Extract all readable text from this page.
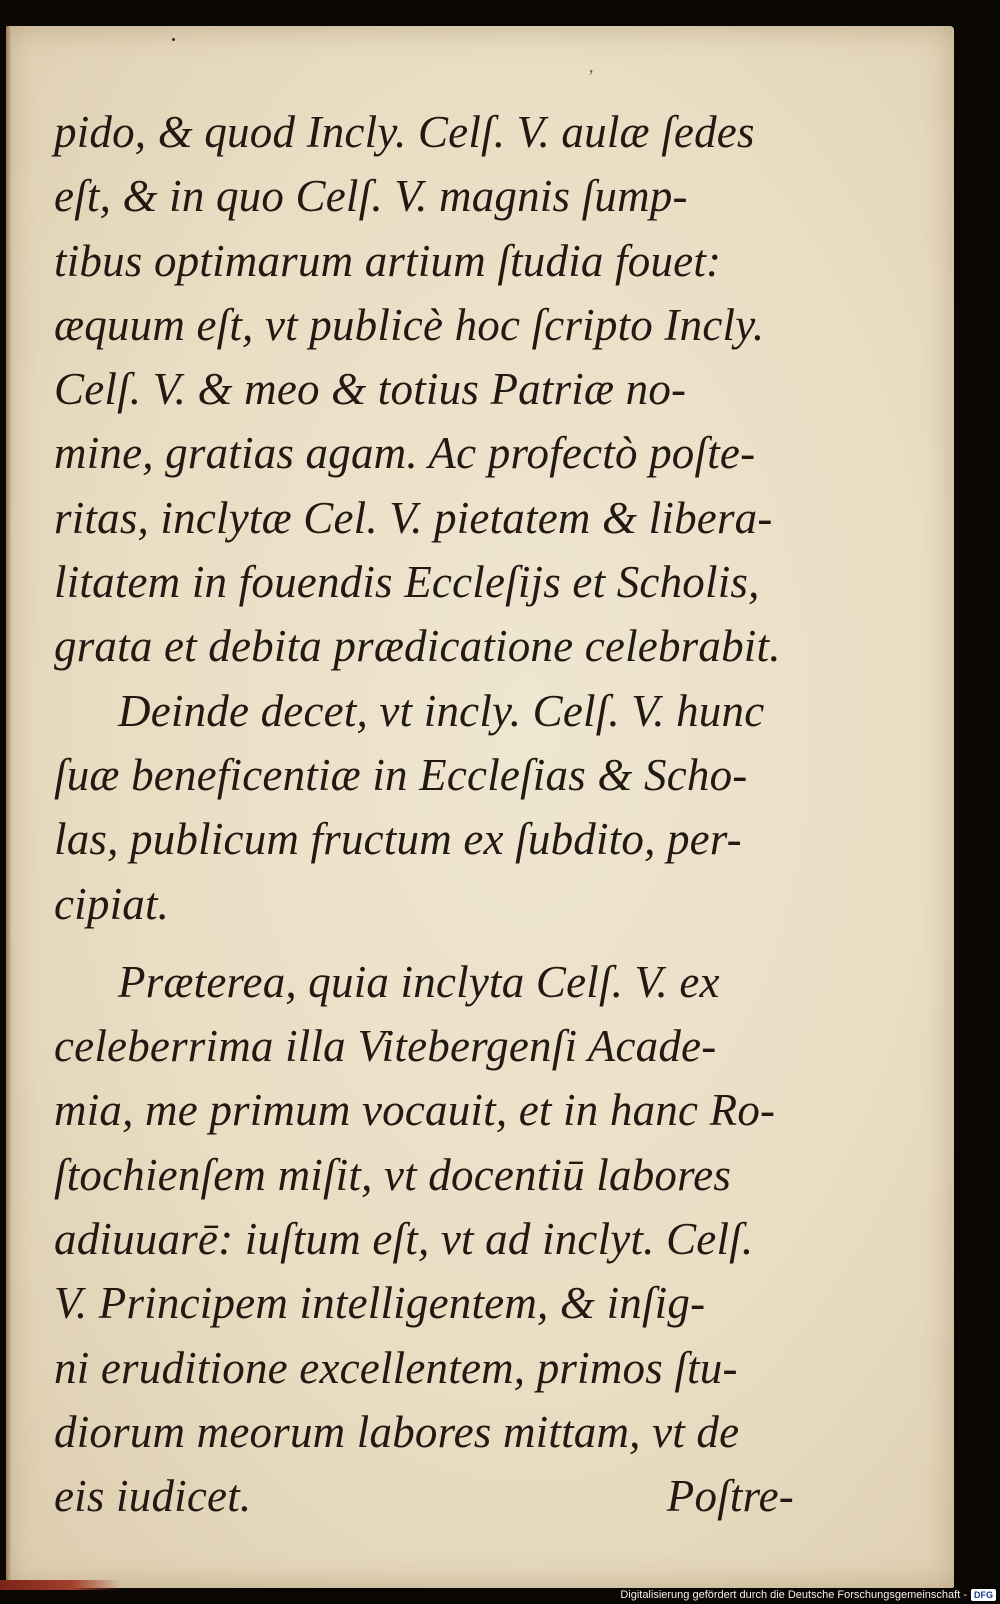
,
pido, & quod Incly. Celſ. V. aulæ ſedes
eſt, & in quo Celſ. V. magnis ſump-
tibus optimarum artium ſtudia fouet:
æquum eſt, vt publicè hoc ſcripto Incly.
Celſ. V. & meo & totius Patriæ no-
mine, gratias agam. Ac profectò poſte-
ritas, inclytæ Cel. V. pietatem & libera-
litatem in fouendis Eccleſijs et Scholis,
grata et debita prædicatione celebrabit.
Deinde decet, vt incly. Celſ. V. hunc
ſuæ beneficentiæ in Eccleſias & Scho-
las, publicum fructum ex ſubdito, per-
cipiat.
Præterea, quia inclyta Celſ. V. ex
celeberrima illa Vitebergenſi Acade-
mia, me primum vocauit, et in hanc Ro-
ſtochienſem miſit, vt docentiū labores
adiuuarē: iuſtum eſt, vt ad inclyt. Celſ.
V. Principem intelligentem, & inſig-
ni eruditione excellentem, primos ſtu-
diorum meorum labores mittam, vt de
eis iudicet.	Poſtre-
Digitalisierung gefördert durch die Deutsche Forschungsgemeinschaft - DFG
